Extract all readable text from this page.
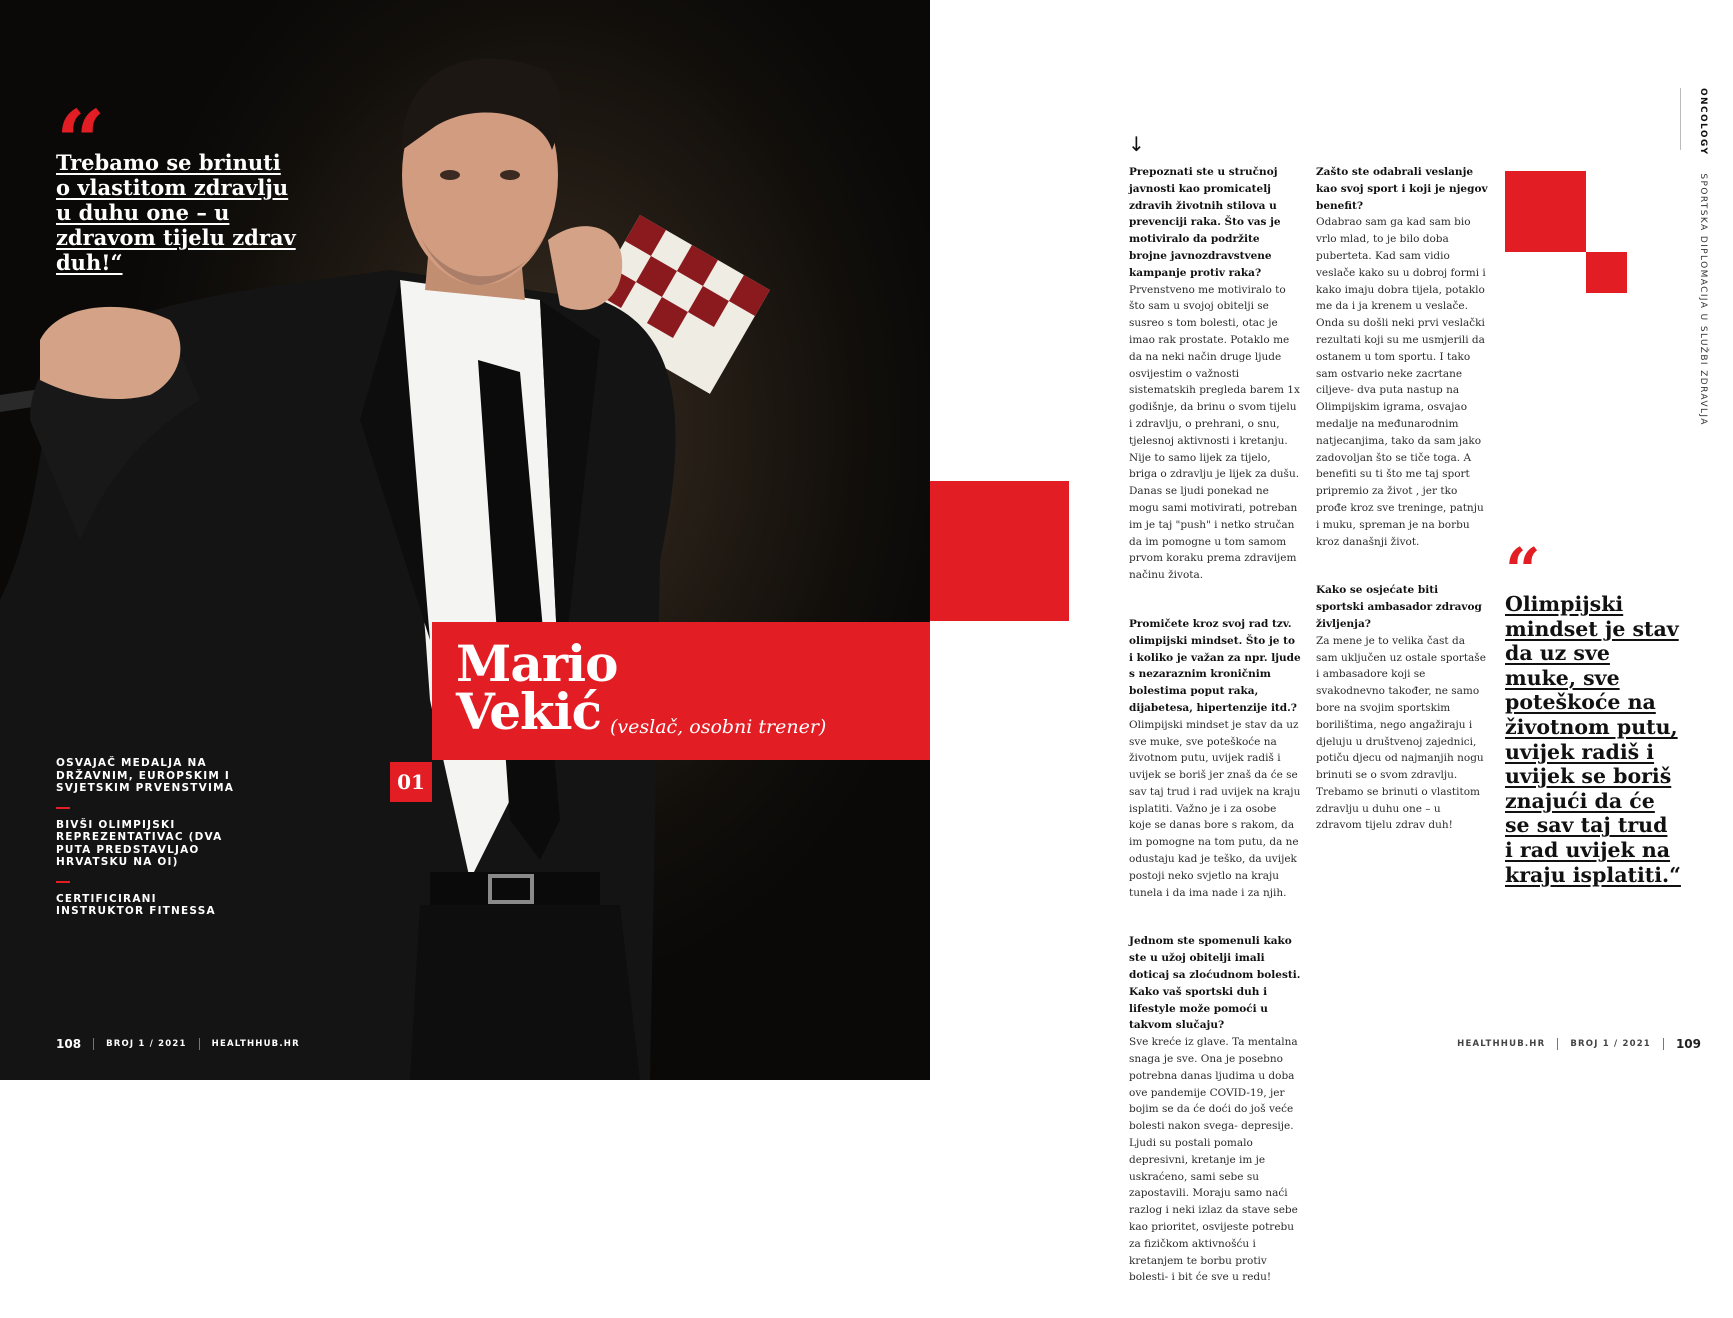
“
Trebamo se brinuti o vlastitom zdravlju u duhu one – u zdravom tijelu zdrav duh!“
OSVAJAČ MEDALJA NA DRŽAVNIM, EUROPSKIM I SVJETSKIM PRVENSTVIMA
BIVŠI OLIMPIJSKI REPREZENTATIVAC (DVA PUTA PREDSTAVLJAO HRVATSKU NA OI)
CERTIFICIRANI INSTRUKTOR FITNESSA
Mario
Vekić (veslač, osobni trener)
01
108	BROJ 1 / 2021	HEALTHHUB.HR
↓
Prepoznati ste u stručnoj javnosti kao promicatelj zdravih životnih stilova u prevenciji raka. Što vas je motiviralo da podržite brojne javnozdravstvene kampanje protiv raka?
Prvenstveno me motiviralo to što sam u svojoj obitelji se susreo s tom bolesti, otac je imao rak prostate. Potaklo me da na neki način druge ljude osvijestim o važnosti sistematskih pregleda barem 1x godišnje, da brinu o svom tijelu i zdravlju, o prehrani, o snu, tjelesnoj aktivnosti i kretanju. Nije to samo lijek za tijelo, briga o zdravlju je lijek za dušu. Danas se ljudi ponekad ne mogu sami motivirati, potreban im je taj "push" i netko stručan da im pomogne u tom samom prvom koraku prema zdravijem načinu života.
Promičete kroz svoj rad tzv. olimpijski mindset. Što je to i koliko je važan za npr. ljude s nezaraznim kroničnim bolestima poput raka, dijabetesa, hipertenzije itd.?
Olimpijski mindset je stav da uz sve muke, sve poteškoće na životnom putu, uvijek radiš i uvijek se boriš jer znaš da će se sav taj trud i rad uvijek na kraju isplatiti. Važno je i za osobe koje se danas bore s rakom, da im pomogne na tom putu, da ne odustaju kad je teško, da uvijek postoji neko svjetlo na kraju tunela i da ima nade i za njih.
Jednom ste spomenuli kako ste u užoj obitelji imali doticaj sa zloćudnom bolesti. Kako vaš sportski duh i lifestyle može pomoći u takvom slučaju?
Sve kreće iz glave. Ta mentalna snaga je sve. Ona je posebno potrebna danas ljudima u doba ove pandemije COVID-19, jer bojim se da će doći do još veće bolesti nakon svega- depresije. Ljudi su postali pomalo depresivni, kretanje im je uskraćeno, sami sebe su zapostavili. Moraju samo naći razlog i neki izlaz da stave sebe kao prioritet, osvijeste potrebu za fizičkom aktivnošću i kretanjem te borbu protiv bolesti- i bit će sve u redu!
Zašto ste odabrali veslanje kao svoj sport i koji je njegov benefit?
Odabrao sam ga kad sam bio vrlo mlad, to je bilo doba puberteta. Kad sam vidio veslače kako su u dobroj formi i kako imaju dobra tijela, potaklo me da i ja krenem u veslače. Onda su došli neki prvi veslački rezultati koji su me usmjerili da ostanem u tom sportu. I tako sam ostvario neke zacrtane ciljeve- dva puta nastup na Olimpijskim igrama, osvajao medalje na međunarodnim natjecanjima, tako da sam jako zadovoljan što se tiče toga. A benefiti su ti što me taj sport pripremio za život , jer tko prođe kroz sve treninge, patnju i muku, spreman je na borbu kroz današnji život.
Kako se osjećate biti sportski ambasador zdravog življenja?
Za mene je to velika čast da sam uključen uz ostale sportaše i ambasadore koji se svakodnevno također, ne samo bore na svojim sportskim borilištima, nego angažiraju i djeluju u društvenoj zajednici, potiču djecu od najmanjih nogu brinuti se o svom zdravlju. Trebamo se brinuti o vlastitom zdravlju u duhu one – u zdravom tijelu zdrav duh!
ONCOLOGYSPORTSKA DIPLOMACIJA U SLUŽBI ZDRAVLJA
“
Olimpijski mindset je stav da uz sve muke, sve poteškoće na životnom putu, uvijek radiš i uvijek se boriš znajući da će se sav taj trud i rad uvijek na kraju isplatiti.“
HEALTHHUB.HR	BROJ 1 / 2021 109
